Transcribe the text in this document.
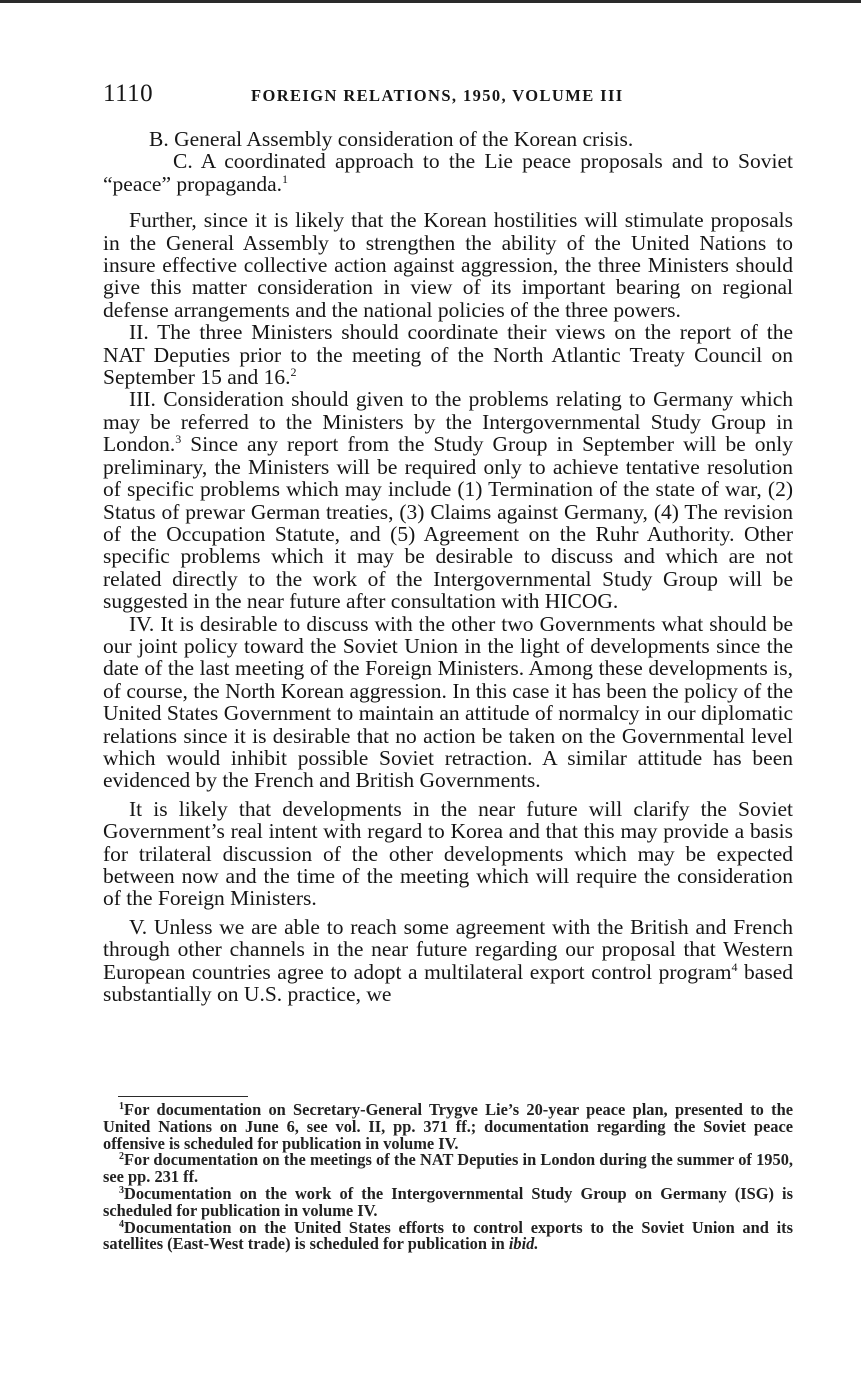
1110	FOREIGN RELATIONS, 1950, VOLUME III

B. General Assembly consideration of the Korean crisis.

C. A coordinated approach to the Lie peace proposals and to Soviet “peace” propaganda.$^1$

Further, since it is likely that the Korean hostilities will stimulate proposals in the General Assembly to strengthen the ability of the United Nations to insure effective collective action against aggression, the three Ministers should give this matter consideration in view of its important bearing on regional defense arrangements and the national policies of the three powers.

II. The three Ministers should coordinate their views on the report of the NAT Deputies prior to the meeting of the North Atlantic Treaty Council on September 15 and 16.$^2$

III. Consideration should given to the problems relating to Germany which may be referred to the Ministers by the Intergovernmental Study Group in London.$^3$ Since any report from the Study Group in September will be only preliminary, the Ministers will be required only to achieve tentative resolution of specific problems which may include (1) Termination of the state of war, (2) Status of prewar German treaties, (3) Claims against Germany, (4) The revision of the Occupation Statute, and (5) Agreement on the Ruhr Authority. Other specific problems which it may be desirable to discuss and which are not related directly to the work of the Intergovernmental Study Group will be suggested in the near future after consultation with HICOG.

IV. It is desirable to discuss with the other two Governments what should be our joint policy toward the Soviet Union in the light of developments since the date of the last meeting of the Foreign Ministers. Among these developments is, of course, the North Korean aggression. In this case it has been the policy of the United States Government to maintain an attitude of normalcy in our diplomatic relations since it is desirable that no action be taken on the Governmental level which would inhibit possible Soviet retraction. A similar attitude has been evidenced by the French and British Governments.

It is likely that developments in the near future will clarify the Soviet Government’s real intent with regard to Korea and that this may provide a basis for trilateral discussion of the other developments which may be expected between now and the time of the meeting which will require the consideration of the Foreign Ministers.

V. Unless we are able to reach some agreement with the British and French through other channels in the near future regarding our proposal that Western European countries agree to adopt a multilateral export control program$^4$ based substantially on U.S. practice, we

$^1$For documentation on Secretary-General Trygve Lie’s 20-year peace plan, presented to the United Nations on June 6, see vol. II, pp. 371 ff.; documentation regarding the Soviet peace offensive is scheduled for publication in volume IV.

$^2$For documentation on the meetings of the NAT Deputies in London during the summer of 1950, see pp. 231 ff.

$^3$Documentation on the work of the Intergovernmental Study Group on Germany (ISG) is scheduled for publication in volume IV.

$^4$Documentation on the United States efforts to control exports to the Soviet Union and its satellites (East-West trade) is scheduled for publication in ibid.
